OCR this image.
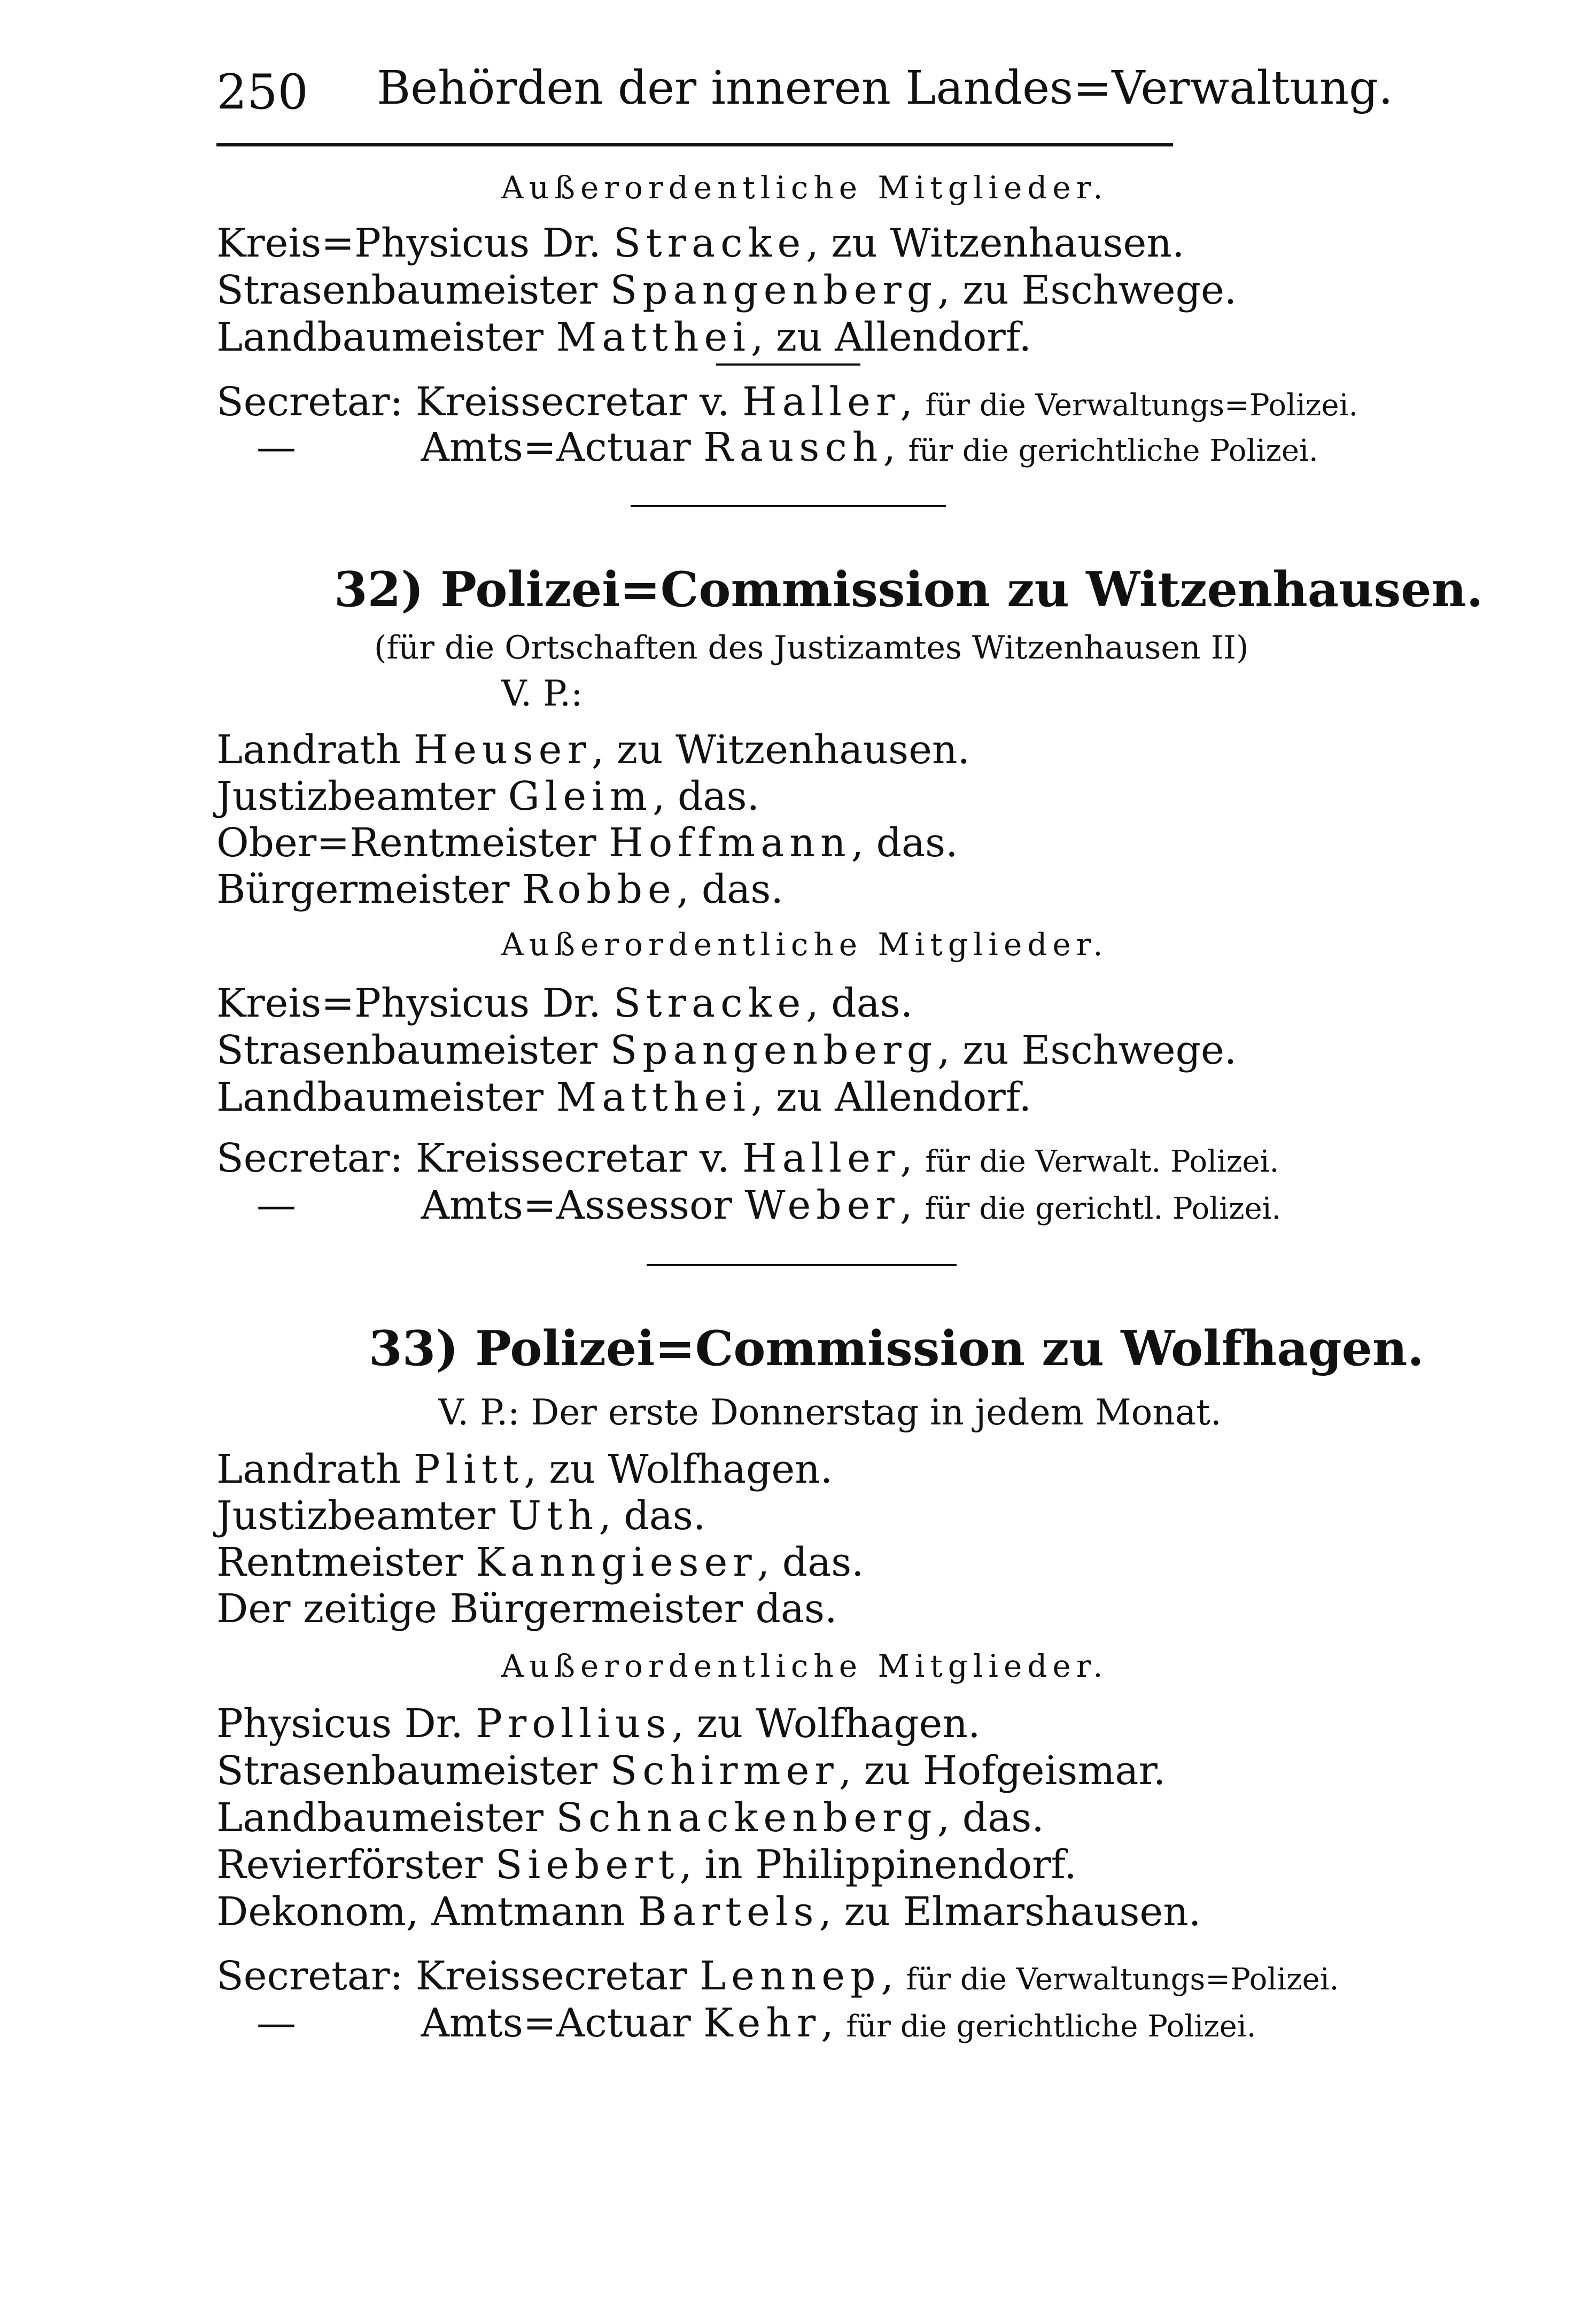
250 Behörden der inneren Landes=Verwaltung.
Außerordentliche Mitglieder.
Kreis=Physicus Dr. Stracke, zu Witzenhausen.
Strasenbaumeister Spangenberg, zu Eschwege.
Landbaumeister Matthei, zu Allendorf.
Secretar: Kreissecretar v. Haller, für die Verwaltungs=Polizei.
—	Amts=Actuar Rausch, für die gerichtliche Polizei.
32) Polizei=Commission zu Witzenhausen.
(für die Ortschaften des Justizamtes Witzenhausen II)
V. P.:
Landrath Heuser, zu Witzenhausen.
Justizbeamter Gleim, das.
Ober=Rentmeister Hoffmann, das.
Bürgermeister Robbe, das.
Außerordentliche Mitglieder.
Kreis=Physicus Dr. Stracke, das.
Strasenbaumeister Spangenberg, zu Eschwege.
Landbaumeister Matthei, zu Allendorf.
Secretar: Kreissecretar v. Haller, für die Verwalt. Polizei.
—	Amts=Assessor Weber, für die gerichtl. Polizei.
33) Polizei=Commission zu Wolfhagen.
V. P.: Der erste Donnerstag in jedem Monat.
Landrath Plitt, zu Wolfhagen.
Justizbeamter Uth, das.
Rentmeister Kanngieser, das.
Der zeitige Bürgermeister das.
Außerordentliche Mitglieder.
Physicus Dr. Prollius, zu Wolfhagen.
Strasenbaumeister Schirmer, zu Hofgeismar.
Landbaumeister Schnackenberg, das.
Revierförster Siebert, in Philippinendorf.
Dekonom, Amtmann Bartels, zu Elmarshausen.
Secretar: Kreissecretar Lennep, für die Verwaltungs=Polizei.
—	Amts=Actuar Kehr, für die gerichtliche Polizei.
